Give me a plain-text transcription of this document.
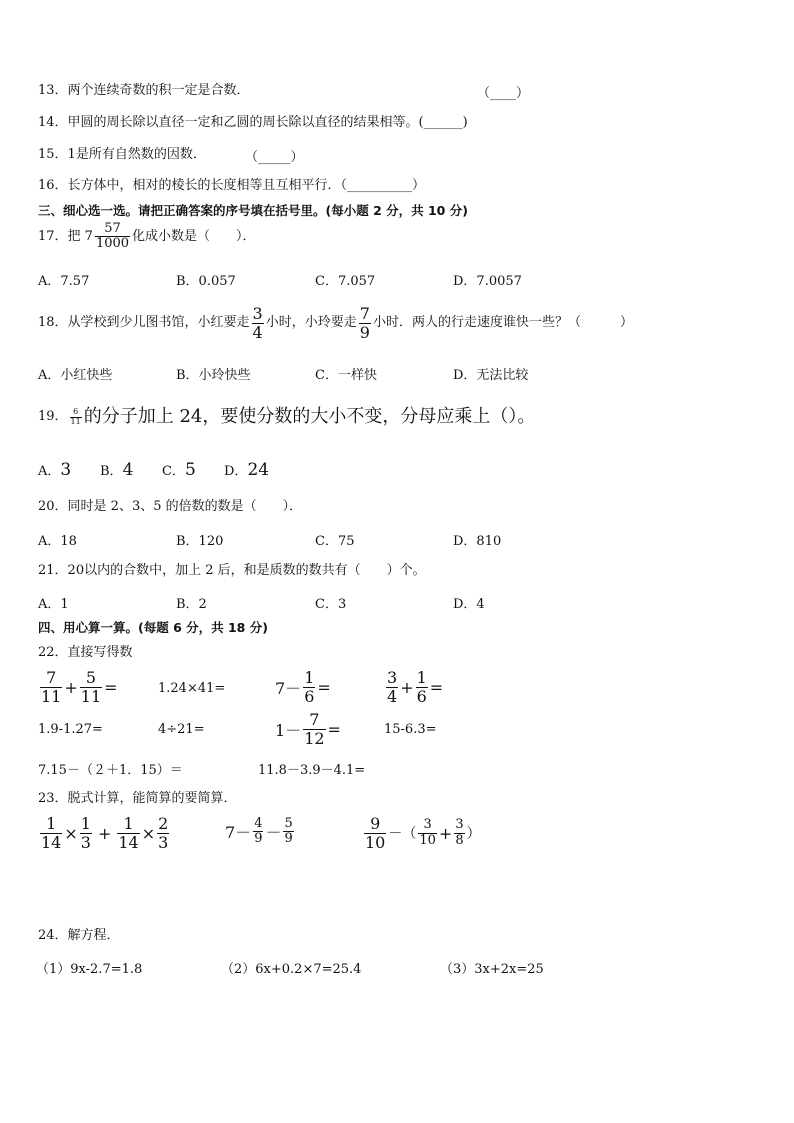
13．两个连续奇数的积一定是合数．	（____）
14．甲圆的周长除以直径一定和乙圆的周长除以直径的结果相等。(______)
15．1是所有自然数的因数．	（_____）
16．长方体中，相对的棱长的长度相等且互相平行．（__________）
三、细心选一选。请把正确答案的序号填在括号里。(每小题 2 分，共 10 分)
17．把 $7 \frac{57}{1000}$ 化成小数是（　　）．
A．7.57	B．0.057	C．7.057	D．7.0057
18．从学校到少儿图书馆，小红要走 $\frac{3}{4}$ 小时，小玲要走 $\frac{7}{9}$ 小时．两人的行走速度谁快一些？（　　　）
A．小红快些	B．小玲快些	C．一样快	D．无法比较
19． $\frac{6}{11}$ 的分子加上 24，要使分数的大小不变，分母应乘上（）。
A．3 B．4 C．5 D．24
20．同时是 2、3、5 的倍数的数是（　　）．
A．18	B．120	C．75	D．810
21．20以内的合数中，加上 2 后，和是质数的数共有（　　）个。
A．1	B．2	C．3	D．4
四、用心算一算。(每题 6 分，共 18 分)
22．直接写得数
$\frac{7}{11} + \frac{5}{11}$ =	1.24×41=	$7- \frac{1}{6}$ =	$\frac{3}{4} + \frac{1}{6}$ =
1.9-1.27=	4÷21=	$1- \frac{7}{12}$ =	15-6.3=
7.15－（２＋1．15）＝	11.8－3.9－4.1=
23．脱式计算，能简算的要简算．
$\frac{1}{14} \times \frac{1}{3} + \frac{1}{14} \times \frac{2}{3}$	$7- \frac{4}{9} - \frac{5}{9}$	$\frac{9}{10}$ －（ $\frac{3}{10} + \frac{3}{8}$ ）
24．解方程．
（1）9x-2.7=1.8	（2）6x+0.2×7=25.4	（3）3x+2x=25
